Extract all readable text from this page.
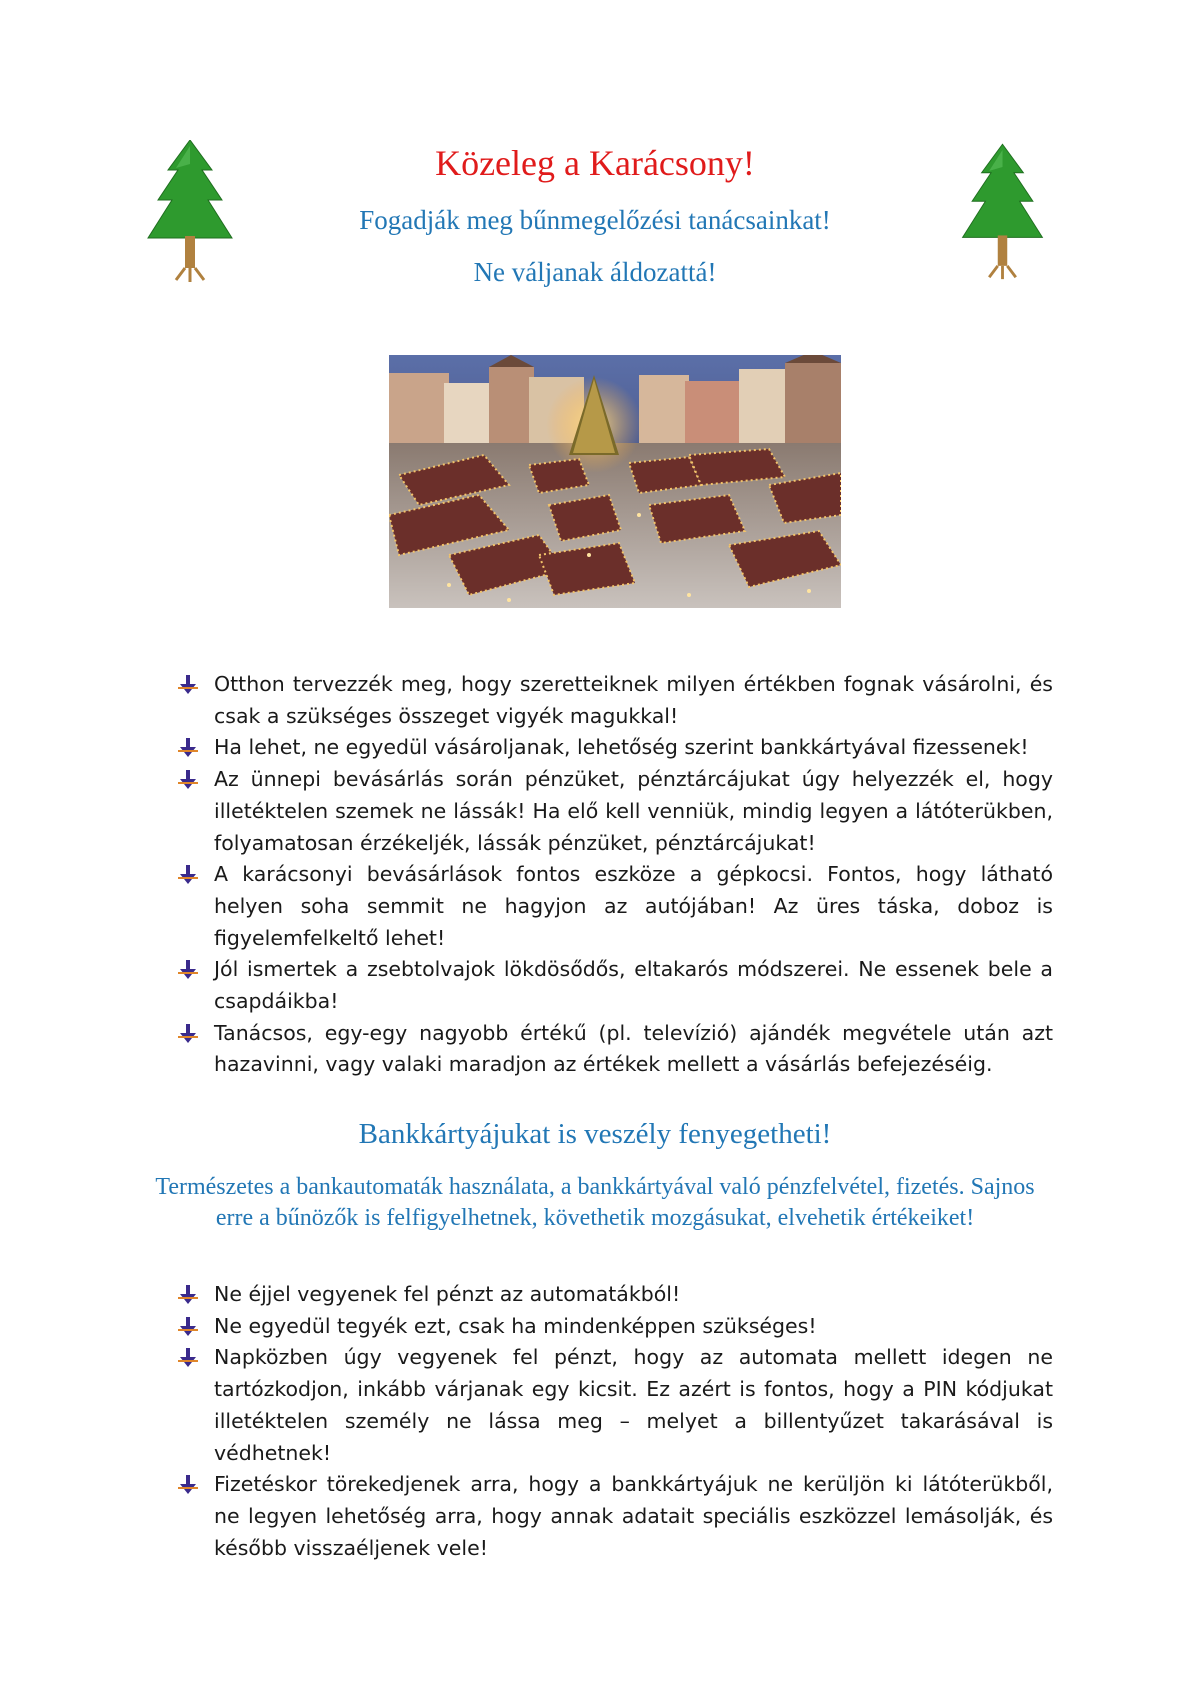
Közeleg a Karácsony!
Fogadják meg bűnmegelőzési tanácsainkat!
Ne váljanak áldozattá!
Otthon tervezzék meg, hogy szeretteiknek milyen értékben fognak vásárolni, és csak a szükséges összeget vigyék magukkal!
Ha lehet, ne egyedül vásároljanak, lehetőség szerint bankkártyával fizessenek!
Az ünnepi bevásárlás során pénzüket, pénztárcájukat úgy helyezzék el, hogy illetéktelen szemek ne lássák! Ha elő kell venniük, mindig legyen a látóterükben, folyamatosan érzékeljék, lássák pénzüket, pénztárcájukat!
A karácsonyi bevásárlások fontos eszköze a gépkocsi. Fontos, hogy látható helyen soha semmit ne hagyjon az autójában! Az üres táska, doboz is figyelemfelkeltő lehet!
Jól ismertek a zsebtolvajok lökdösődős, eltakarós módszerei. Ne essenek bele a csapdáikba!
Tanácsos, egy-egy nagyobb értékű (pl. televízió) ajándék megvétele után azt hazavinni, vagy valaki maradjon az értékek mellett a vásárlás befejezéséig.
Bankkártyájukat is veszély fenyegetheti!

Természetes a bankautomaták használata, a bankkártyával való pénzfelvétel, fizetés. Sajnos erre a bűnözők is felfigyelhetnek, követhetik mozgásukat, elvehetik értékeiket!

Ne éjjel vegyenek fel pénzt az automatákból!
Ne egyedül tegyék ezt, csak ha mindenképpen szükséges!
Napközben úgy vegyenek fel pénzt, hogy az automata mellett idegen ne tartózkodjon, inkább várjanak egy kicsit. Ez azért is fontos, hogy a PIN kódjukat illetéktelen személy ne lássa meg – melyet a billentyűzet takarásával is védhetnek!
Fizetéskor törekedjenek arra, hogy a bankkártyájuk ne kerüljön ki látóterükből, ne legyen lehetőség arra, hogy annak adatait speciális eszközzel lemásolják, és később visszaéljenek vele!
